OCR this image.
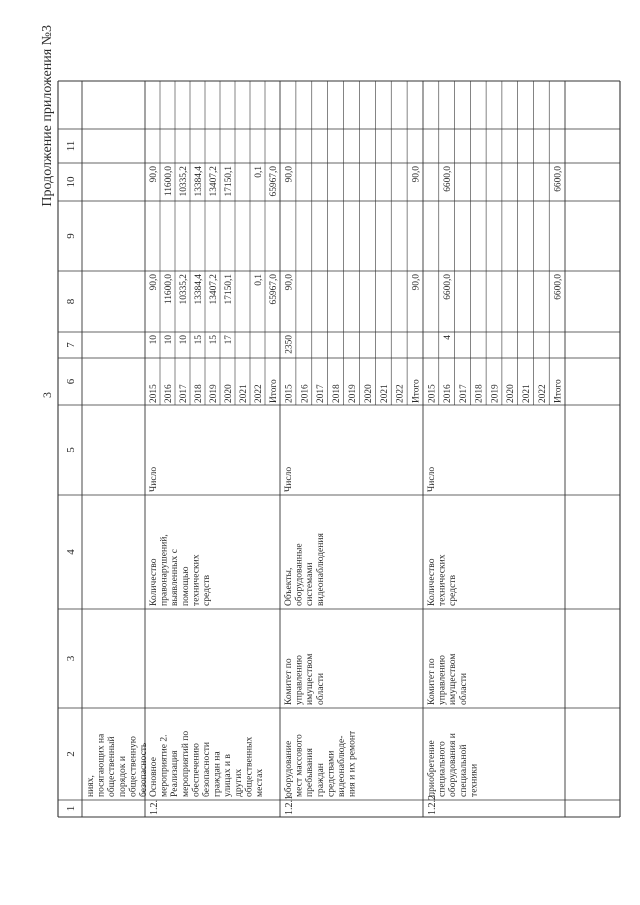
3
Продолжение приложения №3
1
2
3
4
5
6
7
8
9
10
11
ниях, посягающих на общественный порядок и общественную безопасность
1.2.
Основное мероприятие 2. Реализация мероприятий по обеспечению безопасности граждан на улицах и в других общественных местах
Количество правонарушений, выявленных с помощью технических средств
Число
2015
10
90,0
90,0
2016
10
11600,0
11600,0
2017
10
10335,2
10335,2
2018
15
13384,4
13384,4
2019
15
13407,2
13407,2
2020
17
17150,1
17150,1
2021 2022
0,1
0,1
Итого
65967,0
65967,0
1.2.1.
оборудование мест массового пребывания граждан средствами видеонаблюде- ния и их ремонт
Комитет по управлению имуществом области
Объекты, оборудованные системами видеонаблюдения
Число
2015
2350
90,0
90,0
2016 2017 2018 2019 2020 2021 2022 Итого
90,0
90,0
1.2.2.
приобретение специального оборудования и специальной техники
Комитет по управлению имуществом области
Количество технических средств
Число
2015 2016
4
6600,0
6600,0
2017 2018 2019 2020 2021 2022 Итого
6600,0
6600,0
